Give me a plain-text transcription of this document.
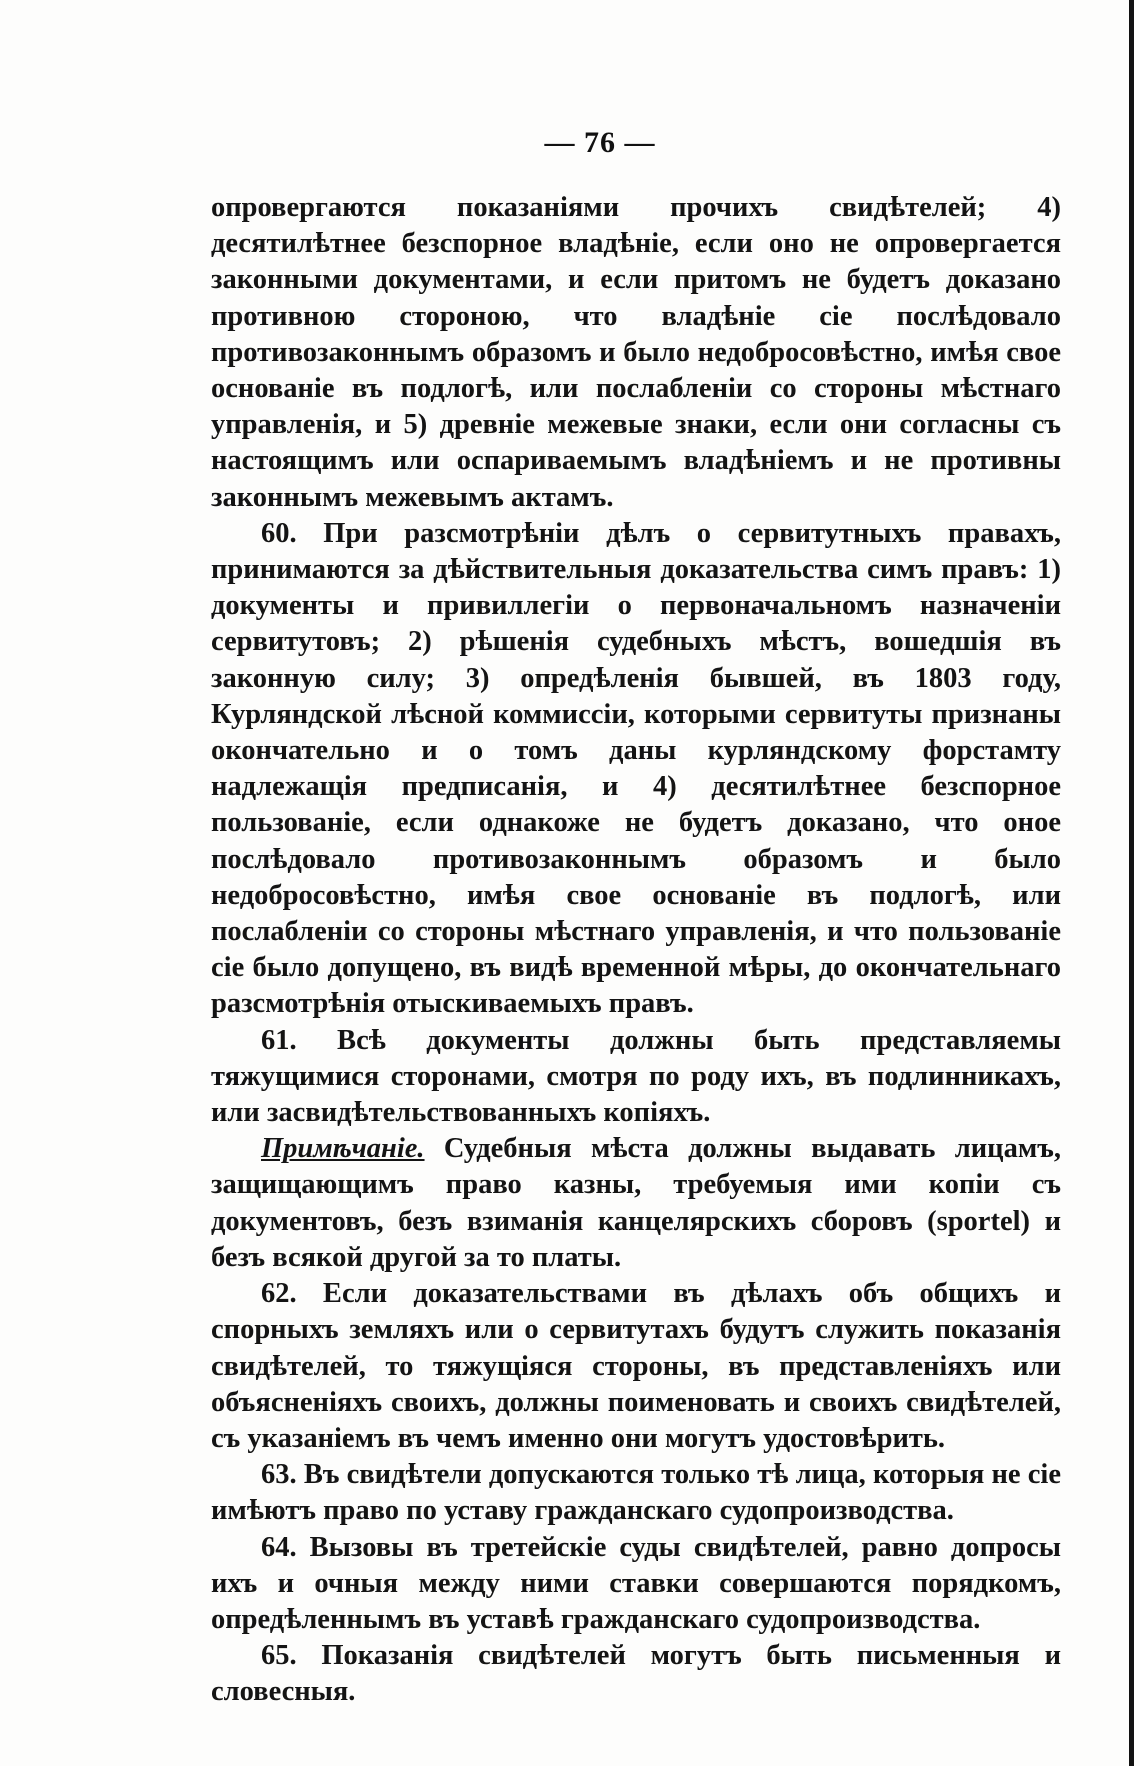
— 76 —

опровергаются показаніями прочихъ свидѣтелей; 4) десятилѣтнее безспорное владѣніе, если оно не опровергается законными документами, и если притомъ не будетъ доказано противною стороною, что владѣніе сіе послѣдовало противозаконнымъ образомъ и было недобросовѣстно, имѣя свое основаніе въ подлогѣ, или послабленіи со стороны мѣстнаго управленія, и 5) древніе межевые знаки, если они согласны съ настоящимъ или оспариваемымъ владѣніемъ и не противны законнымъ межевымъ актамъ.

60. При разсмотрѣніи дѣлъ о сервитутныхъ правахъ, принимаются за дѣйствительныя доказательства симъ правъ: 1) документы и привиллегіи о первоначальномъ назначеніи сервитутовъ; 2) рѣшенія судебныхъ мѣстъ, вошедшія въ законную силу; 3) опредѣленія бывшей, въ 1803 году, Курляндской лѣсной коммиссіи, которыми сервитуты признаны окончательно и о томъ даны курляндскому форстамту надлежащія предписанія, и 4) десятилѣтнее безспорное пользованіе, если однакоже не будетъ доказано, что оное послѣдовало противозаконнымъ образомъ и было недобросовѣстно, имѣя свое основаніе въ подлогѣ, или послабленіи со стороны мѣстнаго управленія, и что пользованіе сіе было допущено, въ видѣ временной мѣры, до окончательнаго разсмотрѣнія отыскиваемыхъ правъ.

61. Всѣ документы должны быть представляемы тяжущимися сторонами, смотря по роду ихъ, въ подлинникахъ, или засвидѣтельствованныхъ копіяхъ.

Примѣчаніе. Судебныя мѣста должны выдавать лицамъ, защищающимъ право казны, требуемыя ими копіи съ документовъ, безъ взиманія канцелярскихъ сборовъ (sportel) и безъ всякой другой за то платы.

62. Если доказательствами въ дѣлахъ объ общихъ и спорныхъ земляхъ или о сервитутахъ будутъ служить показанія свидѣтелей, то тяжущіяся стороны, въ представленіяхъ или объясненіяхъ своихъ, должны поименовать и своихъ свидѣтелей, съ указаніемъ въ чемъ именно они могутъ удостовѣрить.

63. Въ свидѣтели допускаются только тѣ лица, которыя не сіе имѣютъ право по уставу гражданскаго судопроизводства.

64. Вызовы въ третейскіе суды свидѣтелей, равно допросы ихъ и очныя между ними ставки совершаются порядкомъ, опредѣленнымъ въ уставѣ гражданскаго судопроизводства.

65. Показанія свидѣтелей могутъ быть письменныя и словесныя.
